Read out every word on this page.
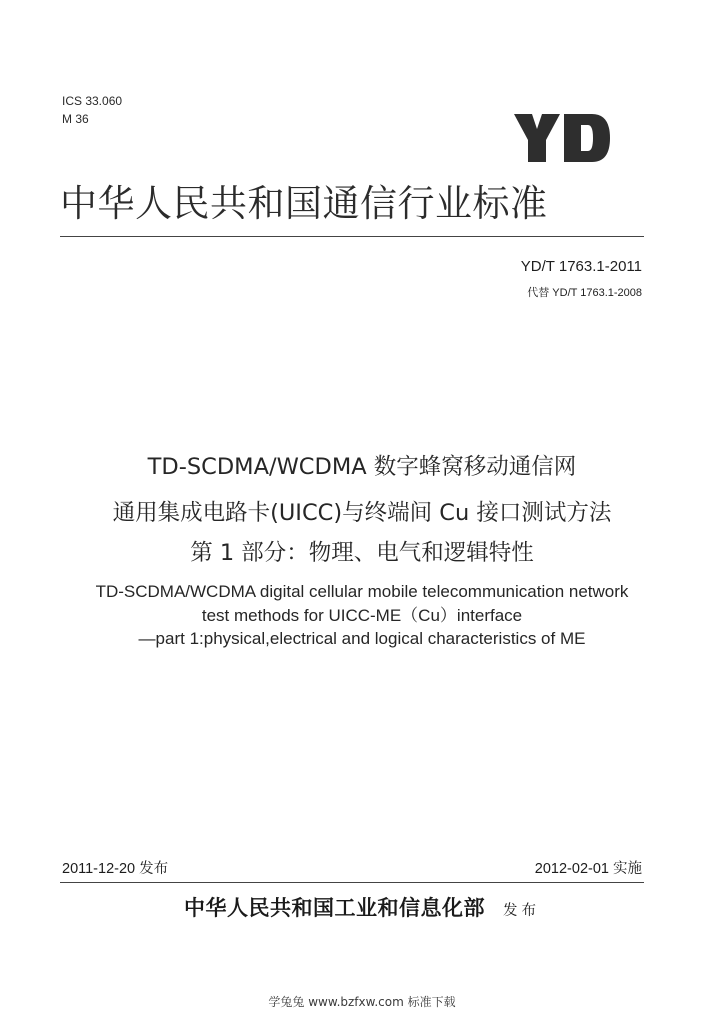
ICS 33.060
M 36
中华人民共和国通信行业标准
YD/T 1763.1-2011
代替 YD/T 1763.1-2008
TD-SCDMA/WCDMA 数字蜂窝移动通信网
通用集成电路卡(UICC)与终端间 Cu 接口测试方法
第 1 部分：物理、电气和逻辑特性
TD-SCDMA/WCDMA digital cellular mobile telecommunication network
test methods for UICC-ME（Cu）interface
—part 1:physical,electrical and logical characteristics of ME
2011-12-20 发布	2012-02-01 实施
中华人民共和国工业和信息化部 发布
学兔兔 www.bzfxw.com 标准下载
